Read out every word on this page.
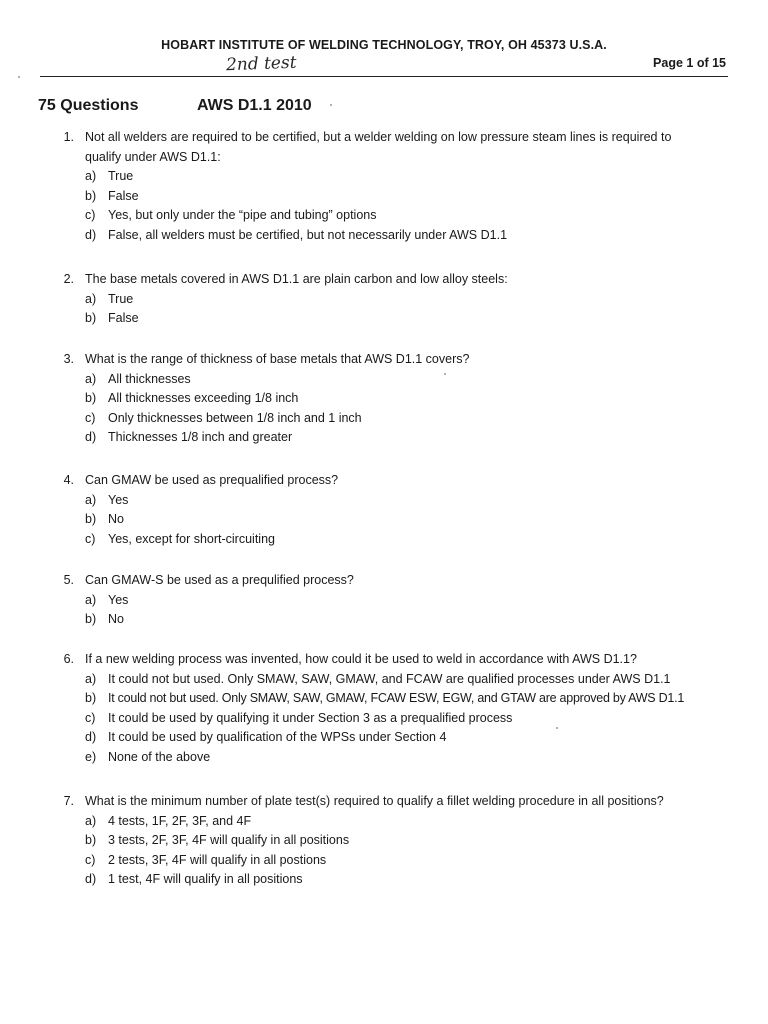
HOBART INSTITUTE OF WELDING TECHNOLOGY, TROY, OH 45373 U.S.A.
2nd test	Page 1 of 15
75 Questions	AWS D1.1 2010
1. Not all welders are required to be certified, but a welder welding on low pressure steam lines is required to
qualify under AWS D1.1:
a) True
b) False
c)	Yes, but only under the “pipe and tubing” options
d) False, all welders must be certified, but not necessarily under AWS D1.1
2. The base metals covered in AWS D1.1 are plain carbon and low alloy steels:
a) True
b) False
3. What is the range of thickness of base metals that AWS D1.1 covers?
a) All thicknesses
b) All thicknesses exceeding 1/8 inch
c)	Only thicknesses between 1/8 inch and 1 inch
d) Thicknesses 1/8 inch and greater
4. Can GMAW be used as prequalified process?
a) Yes
b) No
c)	Yes, except for short-circuiting
5. Can GMAW-S be used as a prequlified process?
a) Yes
b) No
6. If a new welding process was invented, how could it be used to weld in accordance with AWS D1.1?
a) It could not but used. Only SMAW, SAW, GMAW, and FCAW are qualified processes under AWS D1.1
b) It could not but used. Only SMAW, SAW, GMAW, FCAW ESW, EGW, and GTAW are approved by AWS D1.1
c)	It could be used by qualifying it under Section 3 as a prequalified process
d) It could be used by qualification of the WPSs under Section 4
e) None of the above
7. What is the minimum number of plate test(s) required to qualify a fillet welding procedure in all positions?
a) 4 tests, 1F, 2F, 3F, and 4F
b) 3 tests, 2F, 3F, 4F will qualify in all positions
c)	2 tests, 3F, 4F will qualify in all postions
d) 1 test, 4F will qualify in all positions
